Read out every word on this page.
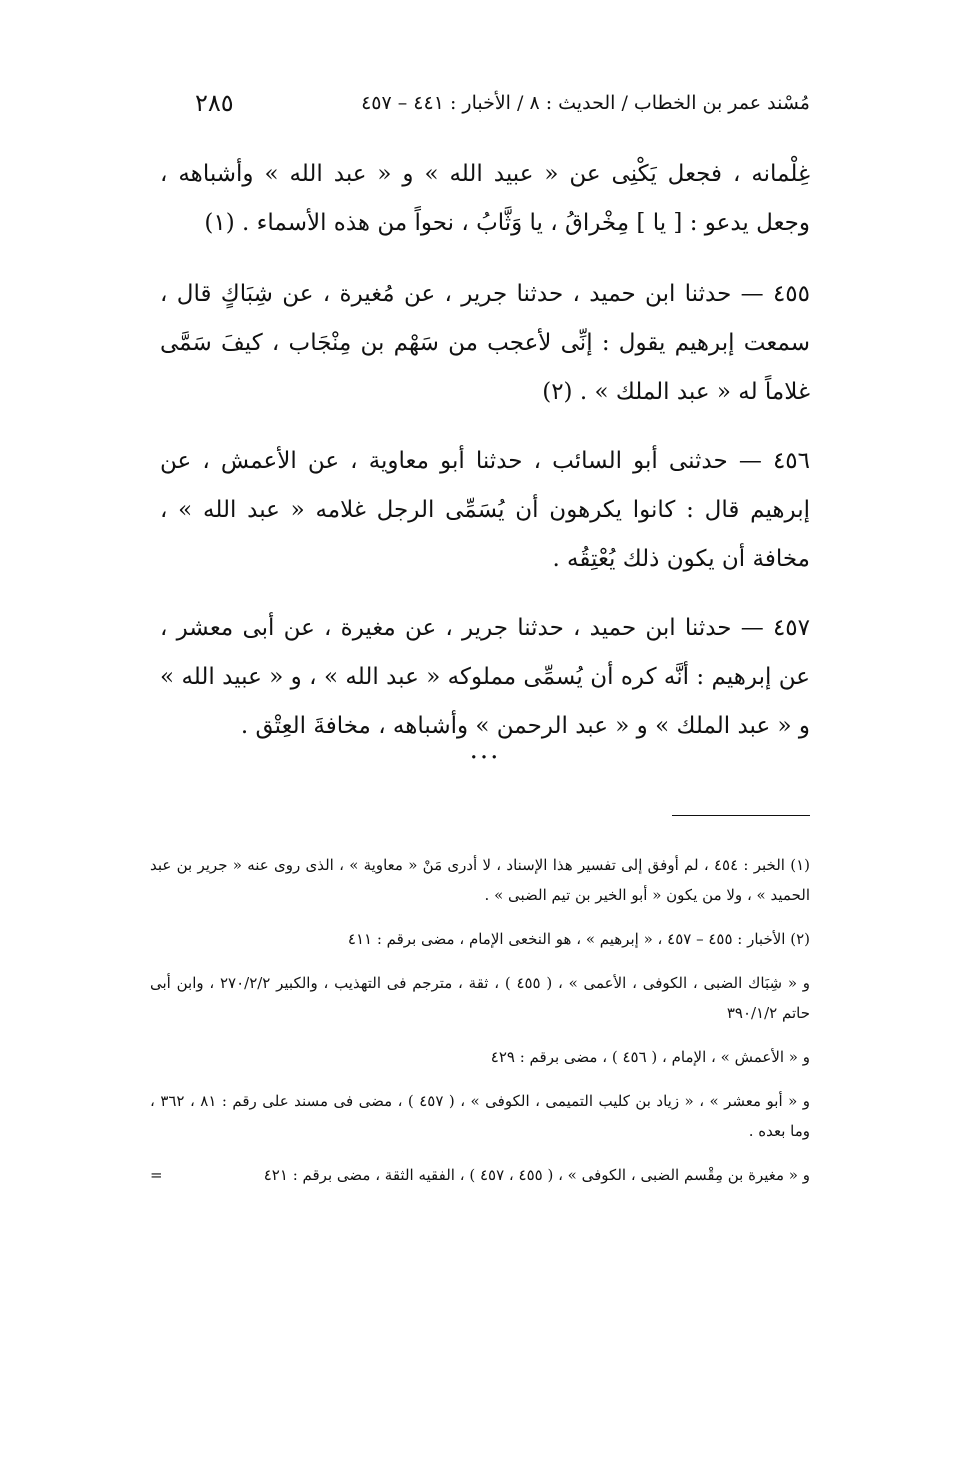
مُسْند عمر بن الخطاب / الحديث : ٨ / الأخبار : ٤٤١ – ٤٥٧
٢٨٥

غِلْمانه ، فجعل يَكْنِى عن « عبيد الله » و « عبد الله » وأشباهه ، وجعل يدعو : [ يا ] مِخْراقُ ، يا وَثَّابُ ، نحواً من هذه الأسماء . (١)

٤٥٥ — حدثنا ابن حميد ، حدثنا جرير ، عن مُغيرة ، عن شِبَاكٍ قال ، سمعت إبرهيم يقول : إنِّى لأعجب من سَهْم بن مِنْجَاب ، كيفَ سَمَّى غلاماً له « عبد الملك » . (٢)

٤٥٦ — حدثنى أبو السائب ، حدثنا أبو معاوية ، عن الأعمش ، عن إبرهيم قال : كانوا يكرهون أن يُسَمِّى الرجل غلامه « عبد الله » ، مخافة أن يكون ذلك يُعْتِقُه .

٤٥٧ — حدثنا ابن حميد ، حدثنا جرير ، عن مغيرة ، عن أبى معشر ، عن إبرهيم : أنَّه كره أن يُسمِّى مملوكه « عبد الله » ، و « عبيد الله » و « عبد الملك » و « عبد الرحمن » وأشباهه ، مخافةَ العِتْق .

...

(١) الخبر : ٤٥٤ ، لم أوفق إلى تفسير هذا الإسناد ، لا أدرى مَنْ « معاوية » ، الذى روى عنه « جرير بن عبد الحميد » ، ولا من يكون « أبو الخير بن تيم الضبى » .

(٢) الأخبار : ٤٥٥ – ٤٥٧ ، « إبرهيم » ، هو النخعى الإمام ، مضى برقم : ٤١١

و « شِبَاك الضبى ، الكوفى ، الأعمى » ، ( ٤٥٥ ) ، ثقة ، مترجم فى التهذيب ، والكبير ٢٧٠/٢/٢ ، وابن أبى حاتم ٣٩٠/١/٢

و « الأعمش » ، الإمام ، ( ٤٥٦ ) ، مضى برقم : ٤٢٩

و « أبو معشر » ، « زياد بن كليب التميمى ، الكوفى » ، ( ٤٥٧ ) ، مضى فى مسند على رقم : ٨١ ، ٣٦٢ ، وما بعده .

=	و « مغيرة بن مِقْسم الضبى ، الكوفى » ، ( ٤٥٥ ، ٤٥٧ ) ، الفقيه الثقة ، مضى برقم : ٤٢١
